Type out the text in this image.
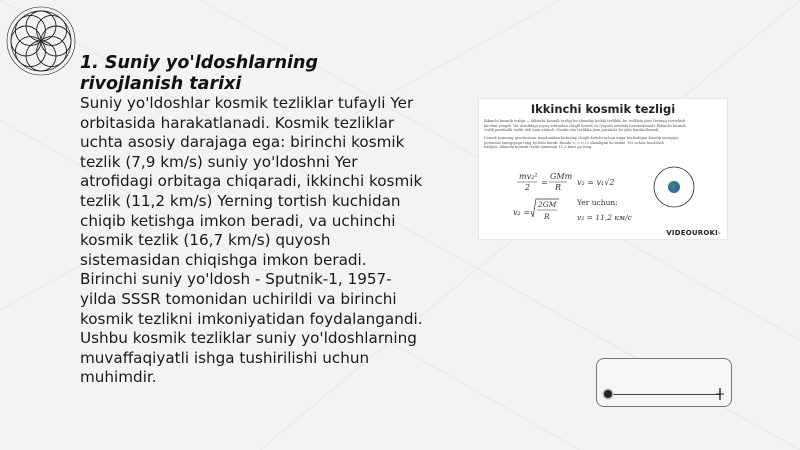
1. Suniy yo'ldoshlarning rivojlanish tarixi
Suniy yo'ldoshlar kosmik tezliklar tufayli Yer orbitasida harakatlanadi. Kosmik tezliklar uchta asosiy darajaga ega: birinchi kosmik tezlik (7,9 km/s) suniy yo'ldoshni Yer atrofidagi orbitaga chiqaradi, ikkinchi kosmik tezlik (11,2 km/s) Yerning tortish kuchidan chiqib ketishga imkon beradi, va uchinchi kosmik tezlik (16,7 km/s) quyosh sistemasidan chiqishga imkon beradi. Birinchi suniy yo'ldosh - Sputnik-1, 1957-yilda SSSR tomonidan uchirildi va birinchi kosmik tezlikni imkoniyatidan foydalangandi. Ushbu kosmik tezliklar suniy yo'ldoshlarning muvaffaqiyatli ishga tushirilishi uchun muhimdir.
Ikkinchi kosmik tezligi
Ikkinchi kosmik tezligi — ikkinchi kosmik tezligi bu shunday kichik tezlikki, bu tezlikda jism Yerning tortishish
kuchini yengib, Yer atrofidagi yopiq orbitadan chiqib ketadi va Quyosh atrofida harakatlanadi. Ikkinchi kosmik
tezlik parabolik tezlik deb ham ataladi, chunki shu tezlikda jism parabola bo'ylab harakatlanadi.
Demak jismning gravitatsion maydonidan butunlay chiqib ketishi uchun unga beriladigan kinetik energiya
potensial energiyaga teng bo'lishi kerak. Bunda v₂ = v₁√2 ekanligini ko'ramiz. Yer uchun hisoblash
natijasi: ikkinchi kosmik tezlik taxminan 11,2 km/s ga teng.
mv₂²
2
=
GMm
R
v₂ = v₁√2
v₂ =
2GM
R
Yer uchun:
v₂ = 11,2 км/с
VIDEOUROKI›
